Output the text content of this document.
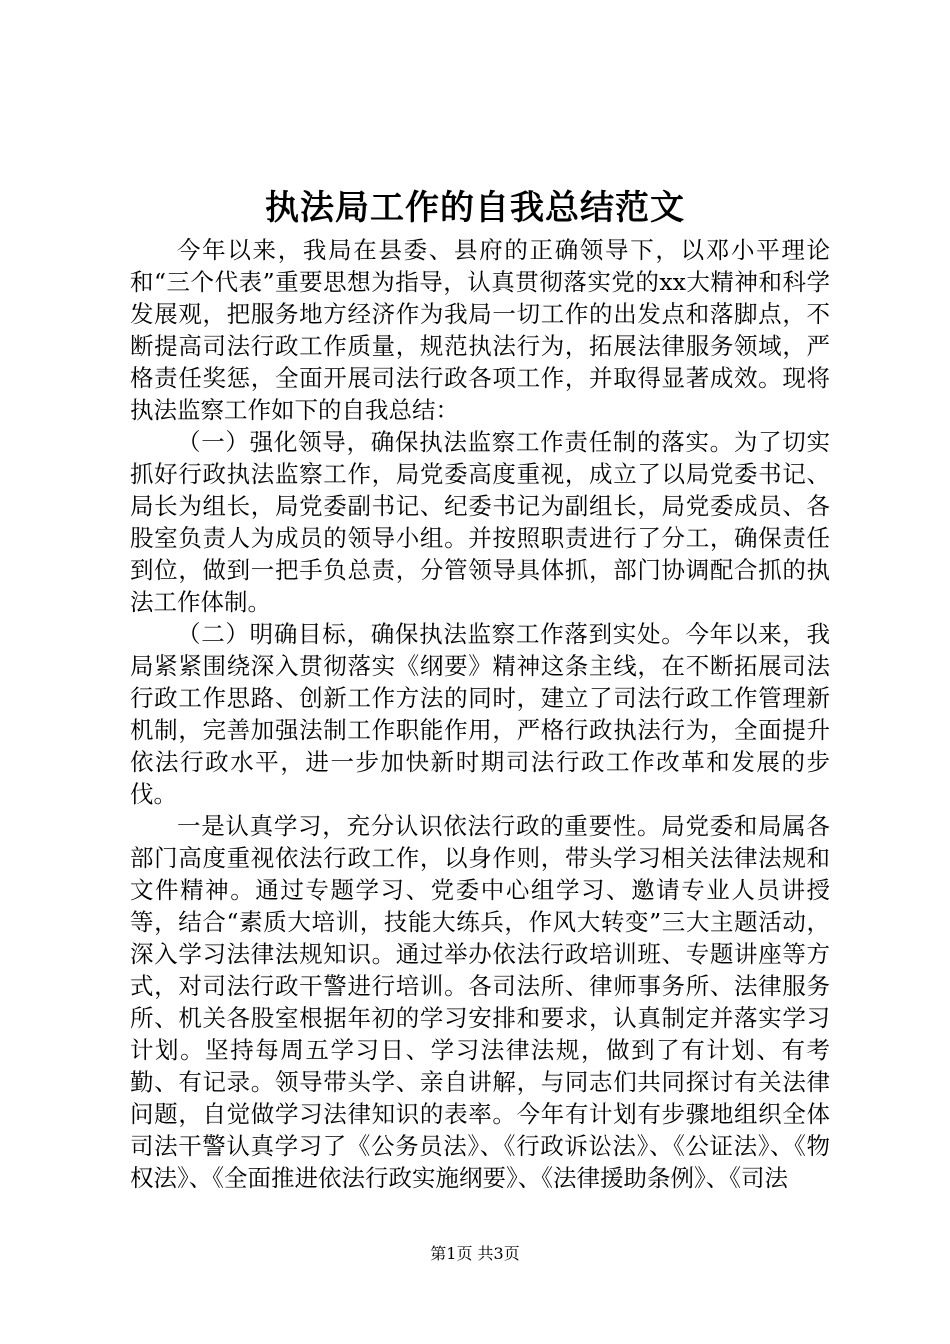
执法局工作的自我总结范文

今年以来，我局在县委、县府的正确领导下，以邓小平理论和“三个代表”重要思想为指导，认真贯彻落实党的xx大精神和科学发展观，把服务地方经济作为我局一切工作的出发点和落脚点，不断提高司法行政工作质量，规范执法行为，拓展法律服务领域，严格责任奖惩，全面开展司法行政各项工作，并取得显著成效。现将执法监察工作如下的自我总结：

（一）强化领导，确保执法监察工作责任制的落实。为了切实抓好行政执法监察工作，局党委高度重视，成立了以局党委书记、局长为组长，局党委副书记、纪委书记为副组长，局党委成员、各股室负责人为成员的领导小组。并按照职责进行了分工，确保责任到位，做到一把手负总责，分管领导具体抓，部门协调配合抓的执法工作体制。

（二）明确目标，确保执法监察工作落到实处。今年以来，我局紧紧围绕深入贯彻落实《纲要》精神这条主线，在不断拓展司法行政工作思路、创新工作方法的同时，建立了司法行政工作管理新机制，完善加强法制工作职能作用，严格行政执法行为，全面提升依法行政水平，进一步加快新时期司法行政工作改革和发展的步伐。

一是认真学习，充分认识依法行政的重要性。局党委和局属各部门高度重视依法行政工作，以身作则，带头学习相关法律法规和文件精神。通过专题学习、党委中心组学习、邀请专业人员讲授等，结合“素质大培训，技能大练兵，作风大转变”三大主题活动，深入学习法律法规知识。通过举办依法行政培训班、专题讲座等方式，对司法行政干警进行培训。各司法所、律师事务所、法律服务所、机关各股室根据年初的学习安排和要求，认真制定并落实学习计划。坚持每周五学习日、学习法律法规，做到了有计划、有考勤、有记录。领导带头学、亲自讲解，与同志们共同探讨有关法律问题，自觉做学习法律知识的表率。今年有计划有步骤地组织全体司法干警认真学习了《公务员法》、《行政诉讼法》、《公证法》、《物权法》、《全面推进依法行政实施纲要》、《法律援助条例》、《司法

第1页 共3页
